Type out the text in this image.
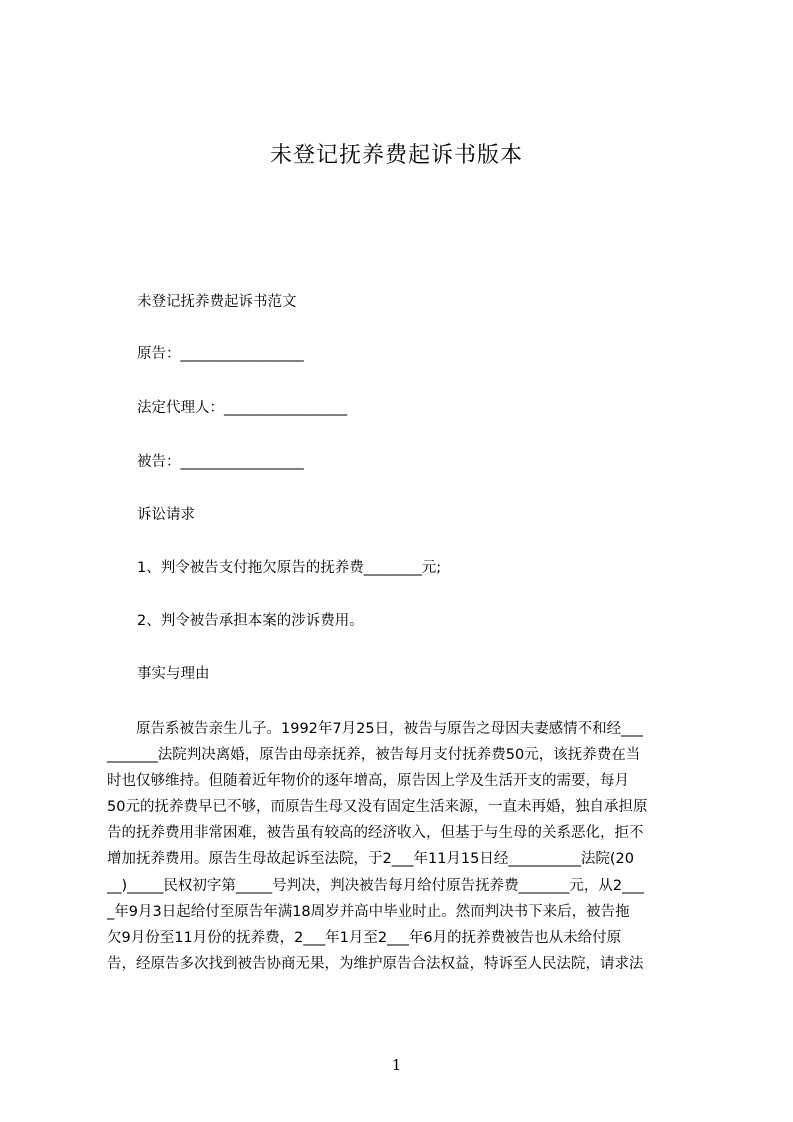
未登记抚养费起诉书版本

未登记抚养费起诉书范文

原告：_________________

法定代理人：_________________

被告：_________________

诉讼请求

1、判令被告支付拖欠原告的抚养费________元;

2、判令被告承担本案的涉诉费用。

事实与理由

原告系被告亲生儿子。1992年7月25日，被告与原告之母因夫妻感情不和经___
_______法院判决离婚，原告由母亲抚养，被告每月支付抚养费50元，该抚养费在当
时也仅够维持。但随着近年物价的逐年增高，原告因上学及生活开支的需要，每月
50元的抚养费早已不够，而原告生母又没有固定生活来源，一直未再婚，独自承担原
告的抚养费用非常困难，被告虽有较高的经济收入，但基于与生母的关系恶化，拒不
增加抚养费用。原告生母故起诉至法院，于2___年11月15日经__________法院(20
__)_____民权初字第_____号判决，判决被告每月给付原告抚养费_______元，从2___
_年9月3日起给付至原告年满18周岁并高中毕业时止。然而判决书下来后，被告拖
欠9月份至11月份的抚养费，2___年1月至2___年6月的抚养费被告也从未给付原
告，经原告多次找到被告协商无果，为维护原告合法权益，特诉至人民法院，请求法
1
